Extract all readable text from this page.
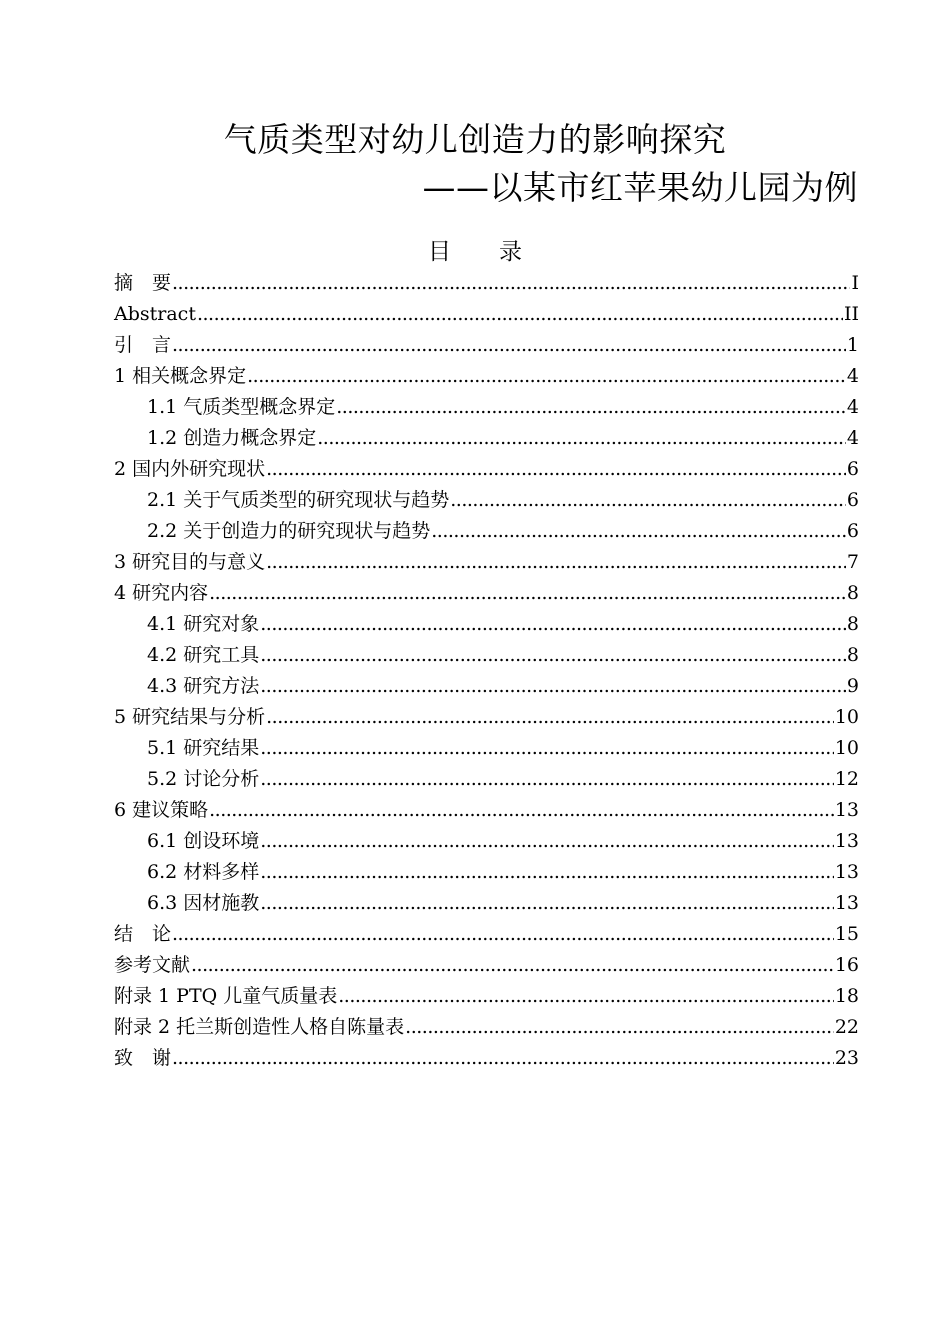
气质类型对幼儿创造力的影响探究
——以某市红苹果幼儿园为例
目 录
摘　要 .....	I
Abstract .....	II
引　言 .....	1
1 相关概念界定 .....	4
1.1 气质类型概念界定 .....	4
1.2 创造力概念界定 .....	4
2 国内外研究现状 .....	6
2.1 关于气质类型的研究现状与趋势 .....	6
2.2 关于创造力的研究现状与趋势 .....	6
3 研究目的与意义 .....	7
4 研究内容 .....	8
4.1 研究对象 .....	8
4.2 研究工具 .....	8
4.3 研究方法 .....	9
5 研究结果与分析 .....	10
5.1 研究结果 .....	10
5.2 讨论分析 .....	12
6 建议策略 .....	13
6.1 创设环境 .....	13
6.2 材料多样 .....	13
6.3 因材施教 .....	13
结　论 .....	15
参考文献 .....	16
附录 1 PTQ 儿童气质量表 .....	18
附录 2 托兰斯创造性人格自陈量表 .....	22
致　谢 .....	23
